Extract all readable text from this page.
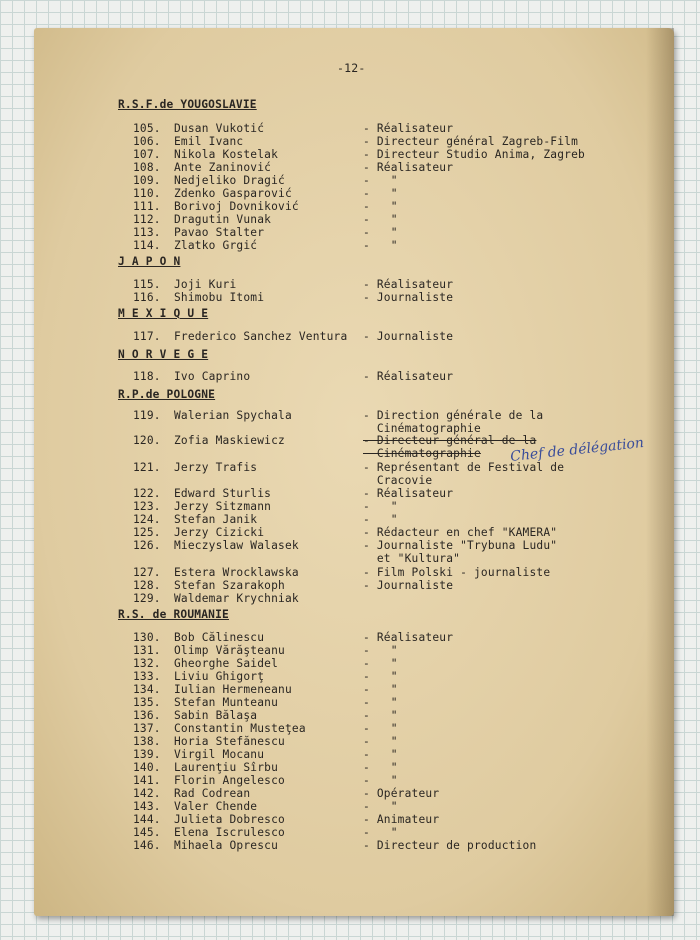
-12-
R.S.F.de YOUGOSLAVIE
105. Dusan Vukotić	- Réalisateur
106. Emil Ivanc	- Directeur général Zagreb-Film
107. Nikola Kostelak	- Directeur Studio Anima, Zagreb
108. Ante Zaninović	- Réalisateur
109. Nedjeliko Dragić	-   "
110. Zdenko Gasparović	-   "
111. Borivoj Dovniković	-   "
112. Dragutin Vunak	-   "
113. Pavao Stalter	-   "
114. Zlatko Grgić	-   "
J A P O N
115. Joji Kuri	- Réalisateur
116. Shimobu Itomi	- Journaliste
M E X I Q U E
117. Frederico Sanchez Ventura - Journaliste
N O R V E G E
118. Ivo Caprino	- Réalisateur
R.P.de POLOGNE
119. Walerian Spychala	- Direction générale de la
Cinématographie
120. Zofia Maskiewicz	- Directeur général de la
Cinématographie
121. Jerzy Trafis	- Représentant de Festival de
Cracovie
122. Edward Sturlis	- Réalisateur
123. Jerzy Sitzmann	-   "
124. Stefan Janik	-   "
125. Jerzy Cizicki	- Rédacteur en chef "KAMERA"
126. Mieczyslaw Walasek	- Journaliste "Trybuna Ludu"
et "Kultura"
127. Estera Wrocklawska	- Film Polski - journaliste
128. Stefan Szarakoph	- Journaliste
129. Waldemar Krychniak
R.S. de ROUMANIE
130. Bob Călinescu	- Réalisateur
131. Olimp Vărăşteanu	-   "
132. Gheorghe Saidel	-   "
133. Liviu Ghigorţ	-   "
134. Iulian Hermeneanu	-   "
135. Stefan Munteanu	-   "
136. Sabin Bălaşa	-   "
137. Constantin Musteţea	-   "
138. Horia Stefănescu	-   "
139. Virgil Mocanu	-   "
140. Laurenţiu Sîrbu	-   "
141. Florin Angelesco	-   "
142. Rad Codrean	- Opérateur
143. Valer Chende	-   "
144. Julieta Dobresco	- Animateur
145. Elena Iscrulesco	-   "
146. Mihaela Oprescu	- Directeur de production
Chef de délégation
